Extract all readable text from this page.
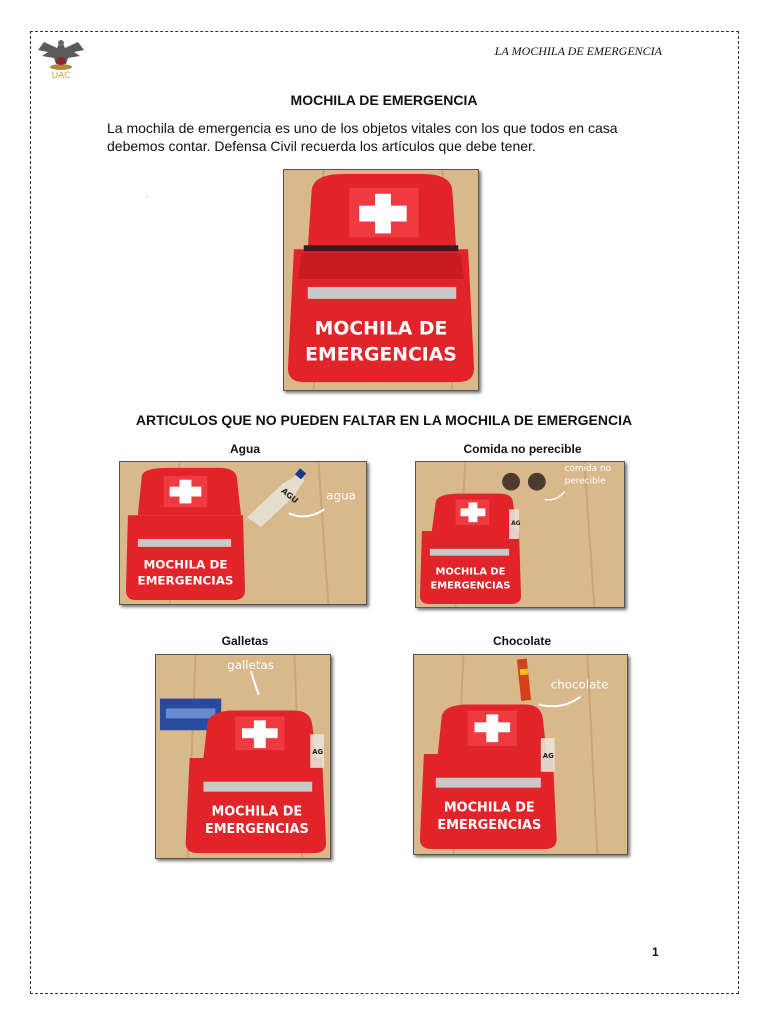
UAC
LA MOCHILA DE EMERGENCIA
MOCHILA DE EMERGENCIA
La mochila de emergencia es uno de los objetos vitales con los que todos en casa debemos contar. Defensa Civil recuerda los artículos que debe tener.
.
MOCHILA DE
EMERGENCIAS
ARTICULOS QUE NO PUEDEN FALTAR EN LA MOCHILA DE EMERGENCIA
Agua
MOCHILA DE
EMERGENCIAS
AGU agua
Comida no perecible
MOCHILA DE
EMERGENCIAS
AG
comida no
perecible
Galletas
galletas
MOCHILA DE
EMERGENCIAS
AG
Chocolate
chocolate
MOCHILA DE
EMERGENCIAS
AG
1
